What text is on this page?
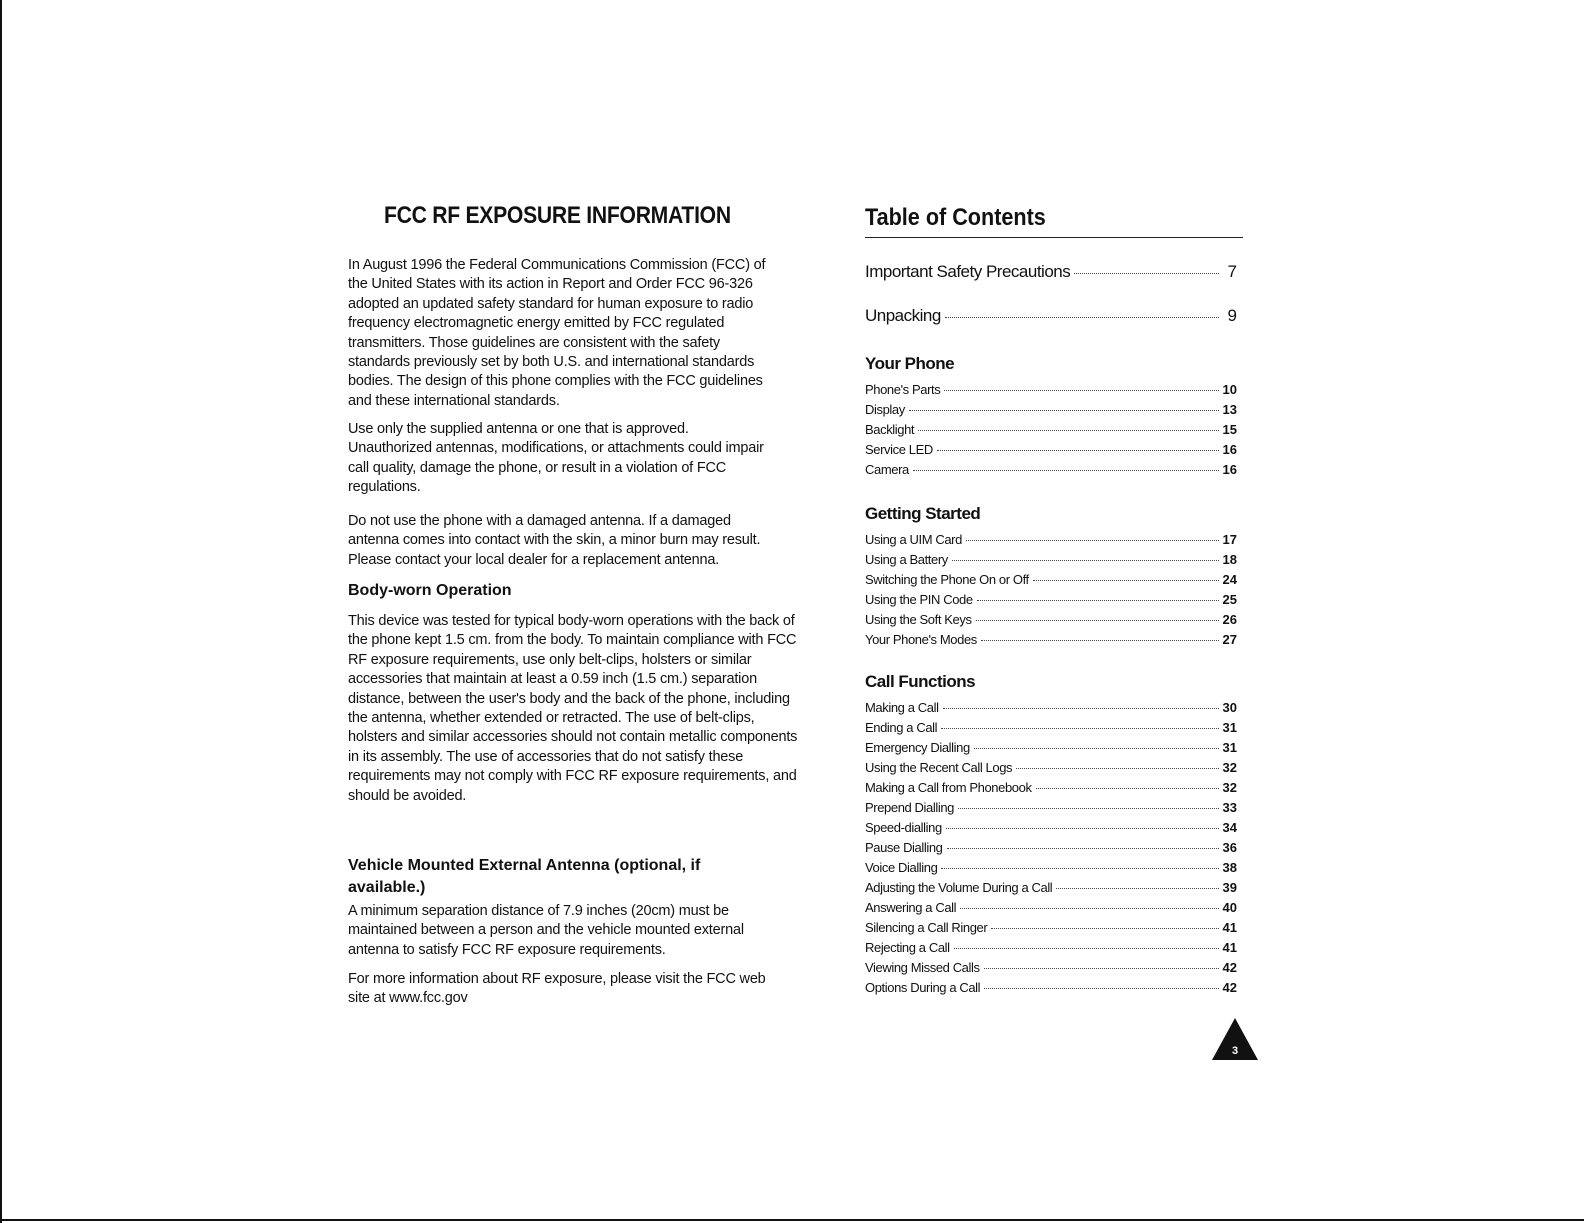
FCC RF EXPOSURE INFORMATION

In August 1996 the Federal Communications Commission (FCC) of the United States with its action in Report and Order FCC 96-326 adopted an updated safety standard for human exposure to radio frequency electromagnetic energy emitted by FCC regulated transmitters. Those guidelines are consistent with the safety standards previously set by both U.S. and international standards bodies. The design of this phone complies with the FCC guidelines and these international standards.

Use only the supplied antenna or one that is approved. Unauthorized antennas, modifications, or attachments could impair call quality, damage the phone, or result in a violation of FCC regulations.

Do not use the phone with a damaged antenna. If a damaged antenna comes into contact with the skin, a minor burn may result. Please contact your local dealer for a replacement antenna.

Body-worn Operation

This device was tested for typical body-worn operations with the back of the phone kept 1.5 cm. from the body. To maintain compliance with FCC RF exposure requirements, use only belt-clips, holsters or similar accessories that maintain at least a 0.59 inch (1.5 cm.) separation distance, between the user's body and the back of the phone, including the antenna, whether extended or retracted. The use of belt-clips, holsters and similar accessories should not contain metallic components in its assembly. The use of accessories that do not satisfy these requirements may not comply with FCC RF exposure requirements, and should be avoided.

Vehicle Mounted External Antenna (optional, if available.)

A minimum separation distance of 7.9 inches (20cm) must be maintained between a person and the vehicle mounted external antenna to satisfy FCC RF exposure requirements.

For more information about RF exposure, please visit the FCC web site at www.fcc.gov

Table of Contents
Important Safety Precautions	7
Unpacking	9
Your Phone
Phone's Parts	10
Display	13
Backlight	15
Service LED	16
Camera	16
Getting Started
Using a UIM Card	17
Using a Battery	18
Switching the Phone On or Off	24
Using the PIN Code	25
Using the Soft Keys	26
Your Phone's Modes	27
Call Functions
Making a Call	30
Ending a Call	31
Emergency Dialling	31
Using the Recent Call Logs	32
Making a Call from Phonebook	32
Prepend Dialling	33
Speed-dialling	34
Pause Dialling	36
Voice Dialling	38
Adjusting the Volume During a Call	39
Answering a Call	40
Silencing a Call Ringer	41
Rejecting a Call	41
Viewing Missed Calls	42
Options During a Call	42
3
